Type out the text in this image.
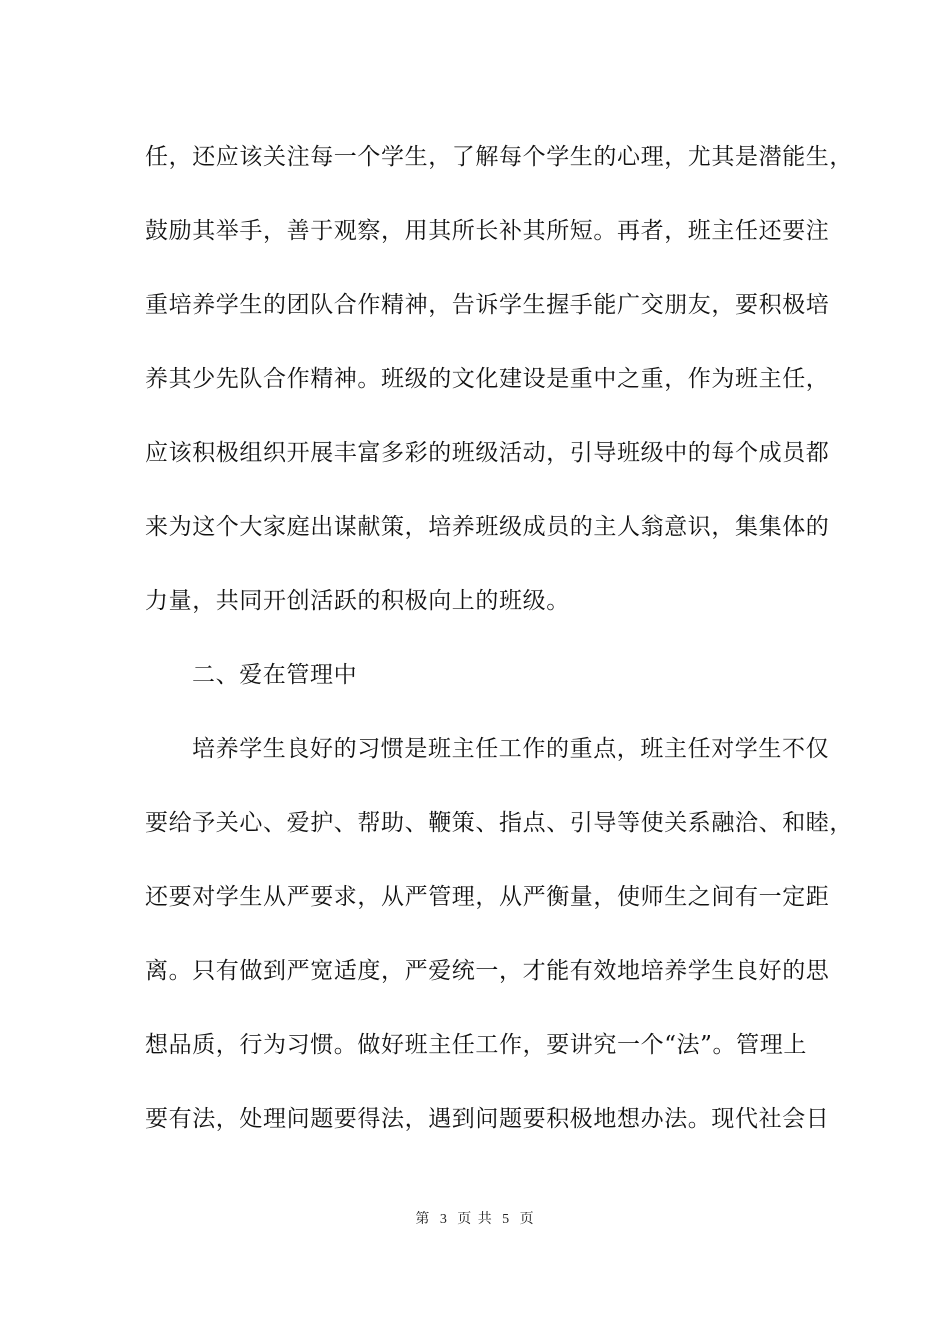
任，还应该关注每一个学生，了解每个学生的心理，尤其是潜能生，
鼓励其举手，善于观察，用其所长补其所短。再者，班主任还要注
重培养学生的团队合作精神，告诉学生握手能广交朋友，要积极培
养其少先队合作精神。班级的文化建设是重中之重，作为班主任，
应该积极组织开展丰富多彩的班级活动，引导班级中的每个成员都
来为这个大家庭出谋献策，培养班级成员的主人翁意识，集集体的
力量，共同开创活跃的积极向上的班级。
二、爱在管理中
培养学生良好的习惯是班主任工作的重点，班主任对学生不仅
要给予关心、爱护、帮助、鞭策、指点、引导等使关系融洽、和睦，
还要对学生从严要求，从严管理，从严衡量，使师生之间有一定距
离。只有做到严宽适度，严爱统一，才能有效地培养学生良好的思
想品质，行为习惯。做好班主任工作，要讲究一个“法”。管理上
要有法，处理问题要得法，遇到问题要积极地想办法。现代社会日
第 3 页 共 5 页
